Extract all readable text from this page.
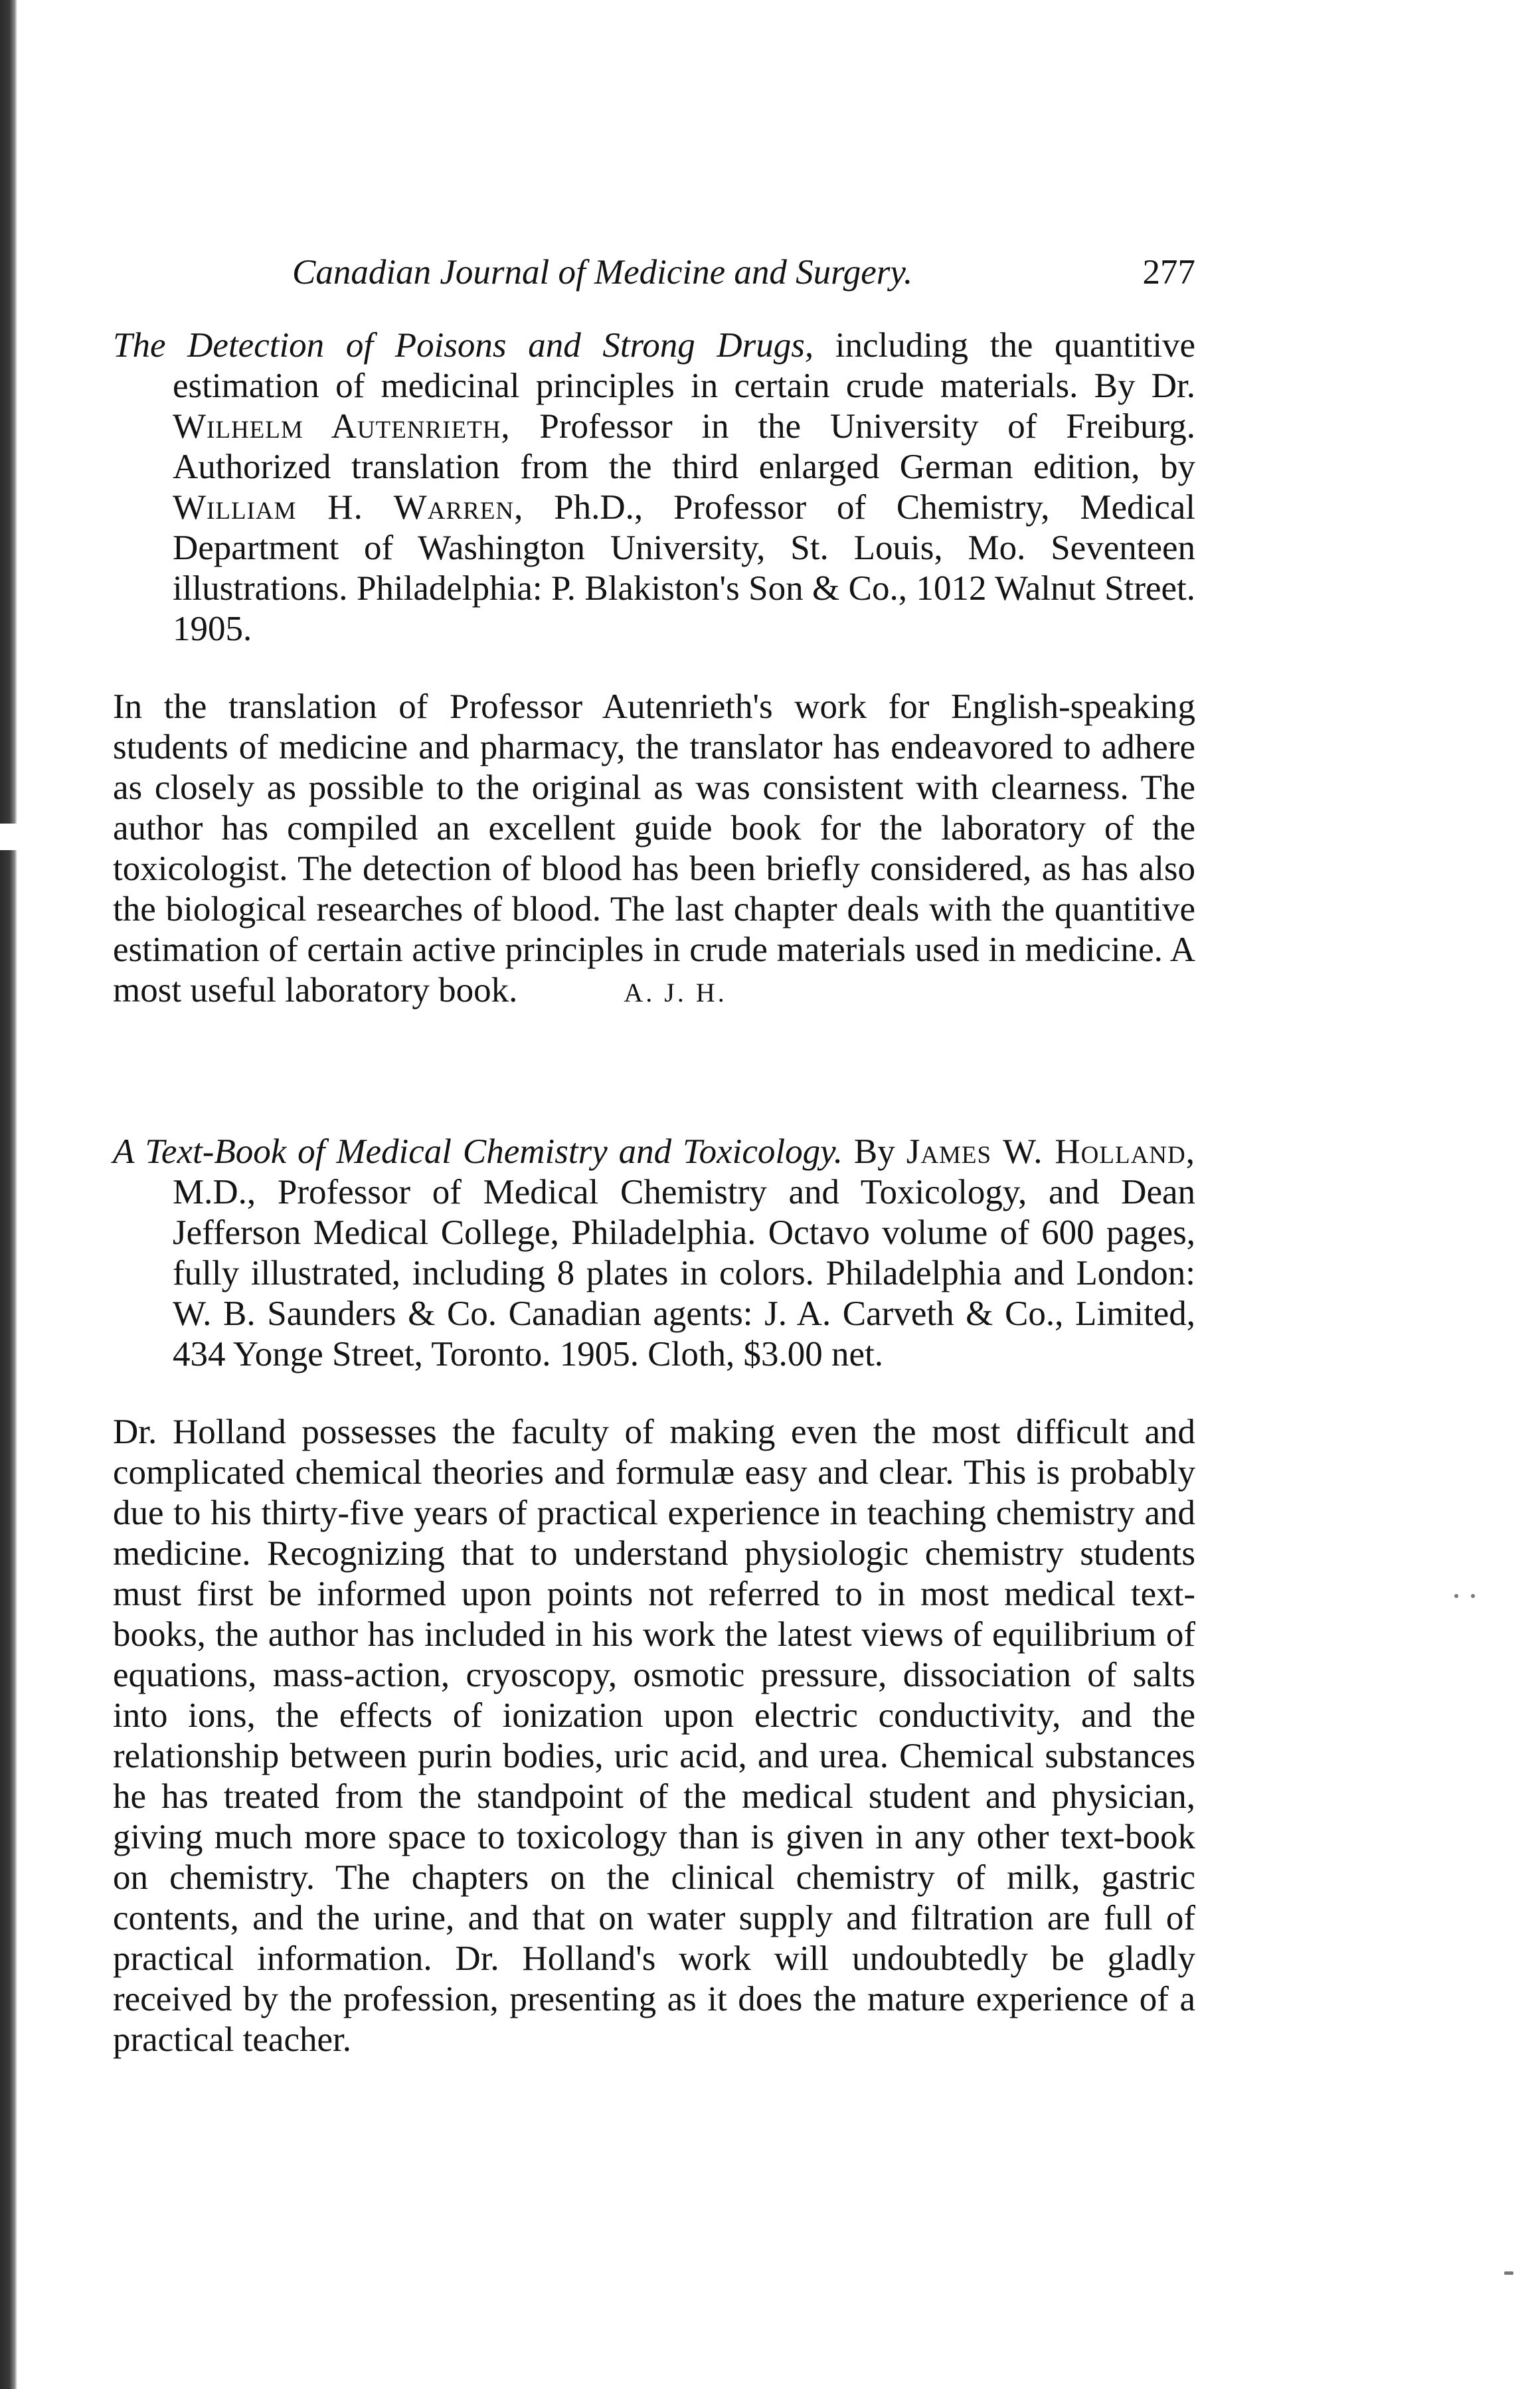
Canadian Journal of Medicine and Surgery.	277

The Detection of Poisons and Strong Drugs, including the quantitive estimation of medicinal principles in certain crude materials. By Dr. Wilhelm Autenrieth, Professor in the University of Freiburg. Authorized translation from the third enlarged German edition, by William H. Warren, Ph.D., Professor of Chemistry, Medical Department of Washington University, St. Louis, Mo. Seventeen illustrations. Philadelphia: P. Blakiston's Son & Co., 1012 Walnut Street. 1905.

In the translation of Professor Autenrieth's work for English-speaking students of medicine and pharmacy, the translator has endeavored to adhere as closely as possible to the original as was consistent with clearness. The author has compiled an excellent guide book for the laboratory of the toxicologist. The detection of blood has been briefly considered, as has also the biological researches of blood. The last chapter deals with the quantitive estimation of certain active principles in crude materials used in medicine. A most useful laboratory book.	A. J. H.

A Text-Book of Medical Chemistry and Toxicology. By James W. Holland, M.D., Professor of Medical Chemistry and Toxicology, and Dean Jefferson Medical College, Philadelphia. Octavo volume of 600 pages, fully illustrated, including 8 plates in colors. Philadelphia and London: W. B. Saunders & Co. Canadian agents: J. A. Carveth & Co., Limited, 434 Yonge Street, Toronto. 1905. Cloth, $3.00 net.

Dr. Holland possesses the faculty of making even the most difficult and complicated chemical theories and formulæ easy and clear. This is probably due to his thirty-five years of practical experience in teaching chemistry and medicine. Recognizing that to understand physiologic chemistry students must first be informed upon points not referred to in most medical text-books, the author has included in his work the latest views of equilibrium of equations, mass-action, cryoscopy, osmotic pressure, dissociation of salts into ions, the effects of ionization upon electric conductivity, and the relationship between purin bodies, uric acid, and urea. Chemical substances he has treated from the standpoint of the medical student and physician, giving much more space to toxicology than is given in any other text-book on chemistry. The chapters on the clinical chemistry of milk, gastric contents, and the urine, and that on water supply and filtration are full of practical information. Dr. Holland's work will undoubtedly be gladly received by the profession, presenting as it does the mature experience of a practical teacher.
